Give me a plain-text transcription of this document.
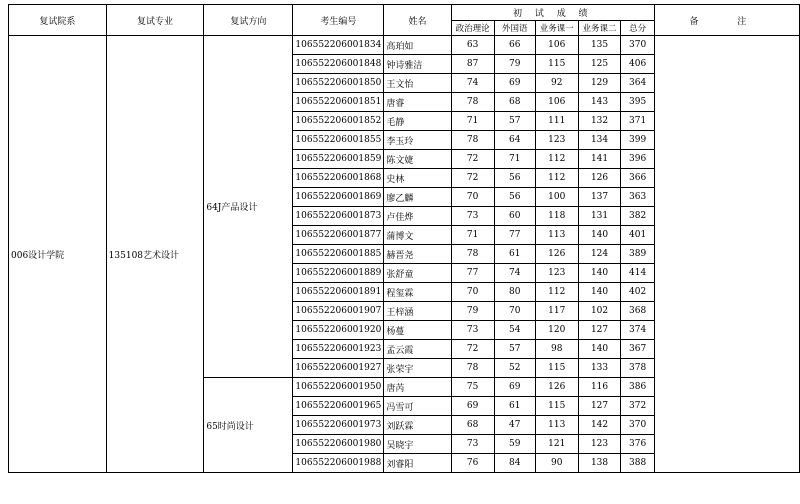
复试院系	复试专业	复试方向	考生编号	姓名	初 试 成 绩					备 注
					政治理论	外国语	业务课一	业务课二	总分	
006设计学院	135108艺术设计	64J产品设计	106552206001834	高珀如	63	66	106	135	370	
			106552206001848	钟诗雅洁	87	79	115	125	406	
			106552206001850	王文怡	74	69	92	129	364	
			106552206001851	唐睿	78	68	106	143	395	
			106552206001852	毛静	71	57	111	132	371	
			106552206001855	李玉玲	78	64	123	134	399	
			106552206001859	陈文婕	72	71	112	141	396	
			106552206001868	史林	72	56	112	126	366	
			106552206001869	廖乙麟	70	56	100	137	363	
			106552206001873	卢佳烨	73	60	118	131	382	
			106552206001877	蒲博文	71	77	113	140	401	
			106552206001885	赫晋尧	78	61	126	124	389	
			106552206001889	张舒童	77	74	123	140	414	
			106552206001891	程玺霖	70	80	112	140	402	
			106552206001907	王梓涵	79	70	117	102	368	
			106552206001920	杨蔓	73	54	120	127	374	
			106552206001923	孟云霞	72	57	98	140	367	
			106552206001927	张荣宇	78	52	115	133	378	
		65时尚设计	106552206001950	唐芮	75	69	126	116	386	
			106552206001965	冯雪可	69	61	115	127	372	
			106552206001973	刘跃霖	68	47	113	142	370	
			106552206001980	吴晓宇	73	59	121	123	376	
			106552206001988	刘睿阳	76	84	90	138	388	
